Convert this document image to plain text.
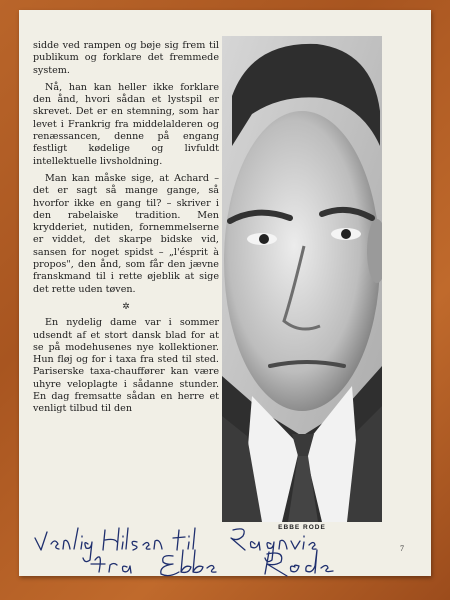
sidde ved rampen og bøje sig frem til publikum og forklare det fremmede system.

Nå, han kan heller ikke forklare den ånd, hvori sådan et lystspil er skrevet. Det er en stemning, som har levet i Frankrig fra middelalderen og renæssancen, denne på engang festligt kødelige og livfuldt intellektuelle livsholdning.

Man kan måske sige, at Achard – det er sagt så mange gange, så hvorfor ikke en gang til? – skriver i den rabelaiske tradition. Men krydderiet, nutiden, fornemmelserne er viddet, det skarpe bidske vid, sansen for noget spidst – „l'ésprit à propos", den ånd, som får den jævne franskmand til i rette øjeblik at sige det rette uden tøven.

✲

En nydelig dame var i sommer udsendt af et stort dansk blad for at se på modehusenes nye kollektioner. Hun fløj og for i taxa fra sted til sted. Pariserske taxa-chauffører kan være uhyre veloplagte i sådanne stunder. En dag fremsatte sådan en herre et venligt tilbud til den

EBBE RODE
7
